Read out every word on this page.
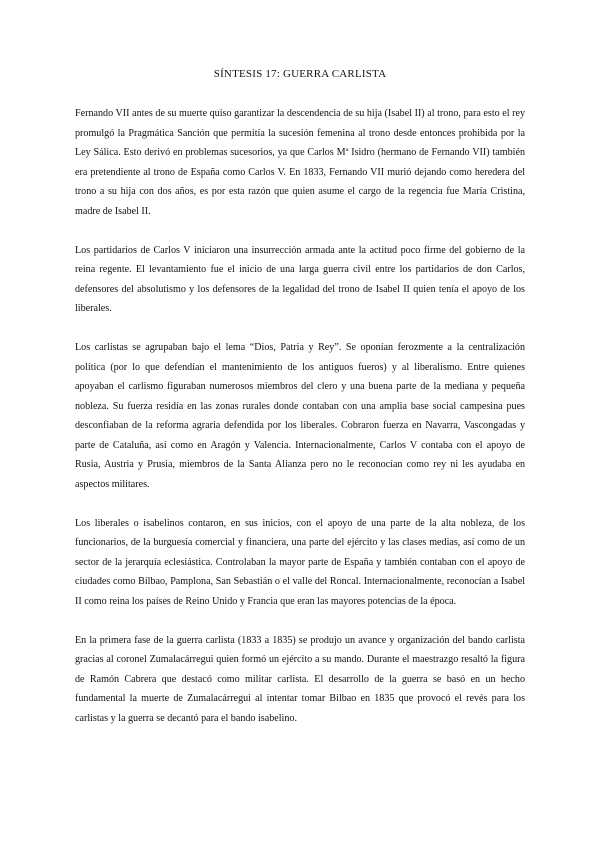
SÍNTESIS 17: GUERRA CARLISTA

Fernando VII antes de su muerte quiso garantizar la descendencia de su hija (Isabel II) al trono, para esto el rey promulgó la Pragmática Sanción que permitía la sucesión femenina al trono desde entonces prohibida por la Ley Sálica. Esto derivó en problemas sucesorios, ya que Carlos Mª Isidro (hermano de Fernando VII) también era pretendiente al trono de España como Carlos V. En 1833, Fernando VII murió dejando como heredera del trono a su hija con dos años, es por esta razón que quien asume el cargo de la regencia fue María Cristina, madre de Isabel II.

Los partidarios de Carlos V iniciaron una insurrección armada ante la actitud poco firme del gobierno de la reina regente. El levantamiento fue el inicio de una larga guerra civil entre los partidarios de don Carlos, defensores del absolutismo y los defensores de la legalidad del trono de Isabel II quien tenía el apoyo de los liberales.

Los carlistas se agrupaban bajo el lema “Dios, Patria y Rey”. Se oponían ferozmente a la centralización política (por lo que defendían el mantenimiento de los antiguos fueros) y al liberalismo. Entre quienes apoyaban el carlismo figuraban numerosos miembros del clero y una buena parte de la mediana y pequeña nobleza. Su fuerza residía en las zonas rurales donde contaban con una amplia base social campesina pues desconfiaban de la reforma agraria defendida por los liberales. Cobraron fuerza en Navarra, Vascongadas y parte de Cataluña, así como en Aragón y Valencia. Internacionalmente, Carlos V contaba con el apoyo de Rusia, Austria y Prusia, miembros de la Santa Alianza pero no le reconocían como rey ni les ayudaba en aspectos militares.

Los liberales o isabelinos contaron, en sus inicios, con el apoyo de una parte de la alta nobleza, de los funcionarios, de la burguesía comercial y financiera, una parte del ejército y las clases medias, así como de un sector de la jerarquía eclesiástica. Controlaban la mayor parte de España y también contaban con el apoyo de ciudades como Bilbao, Pamplona, San Sebastián o el valle del Roncal. Internacionalmente, reconocían a Isabel II como reina los países de Reino Unido y Francia que eran las mayores potencias de la época.

En la primera fase de la guerra carlista (1833 a 1835) se produjo un avance y organización del bando carlista gracias al coronel Zumalacárregui quien formó un ejército a su mando. Durante el maestrazgo resaltó la figura de Ramón Cabrera que destacó como militar carlista. El desarrollo de la guerra se basó en un hecho fundamental la muerte de Zumalacárregui al intentar tomar Bilbao en 1835 que provocó el revés para los carlistas y la guerra se decantó para el bando isabelino.
